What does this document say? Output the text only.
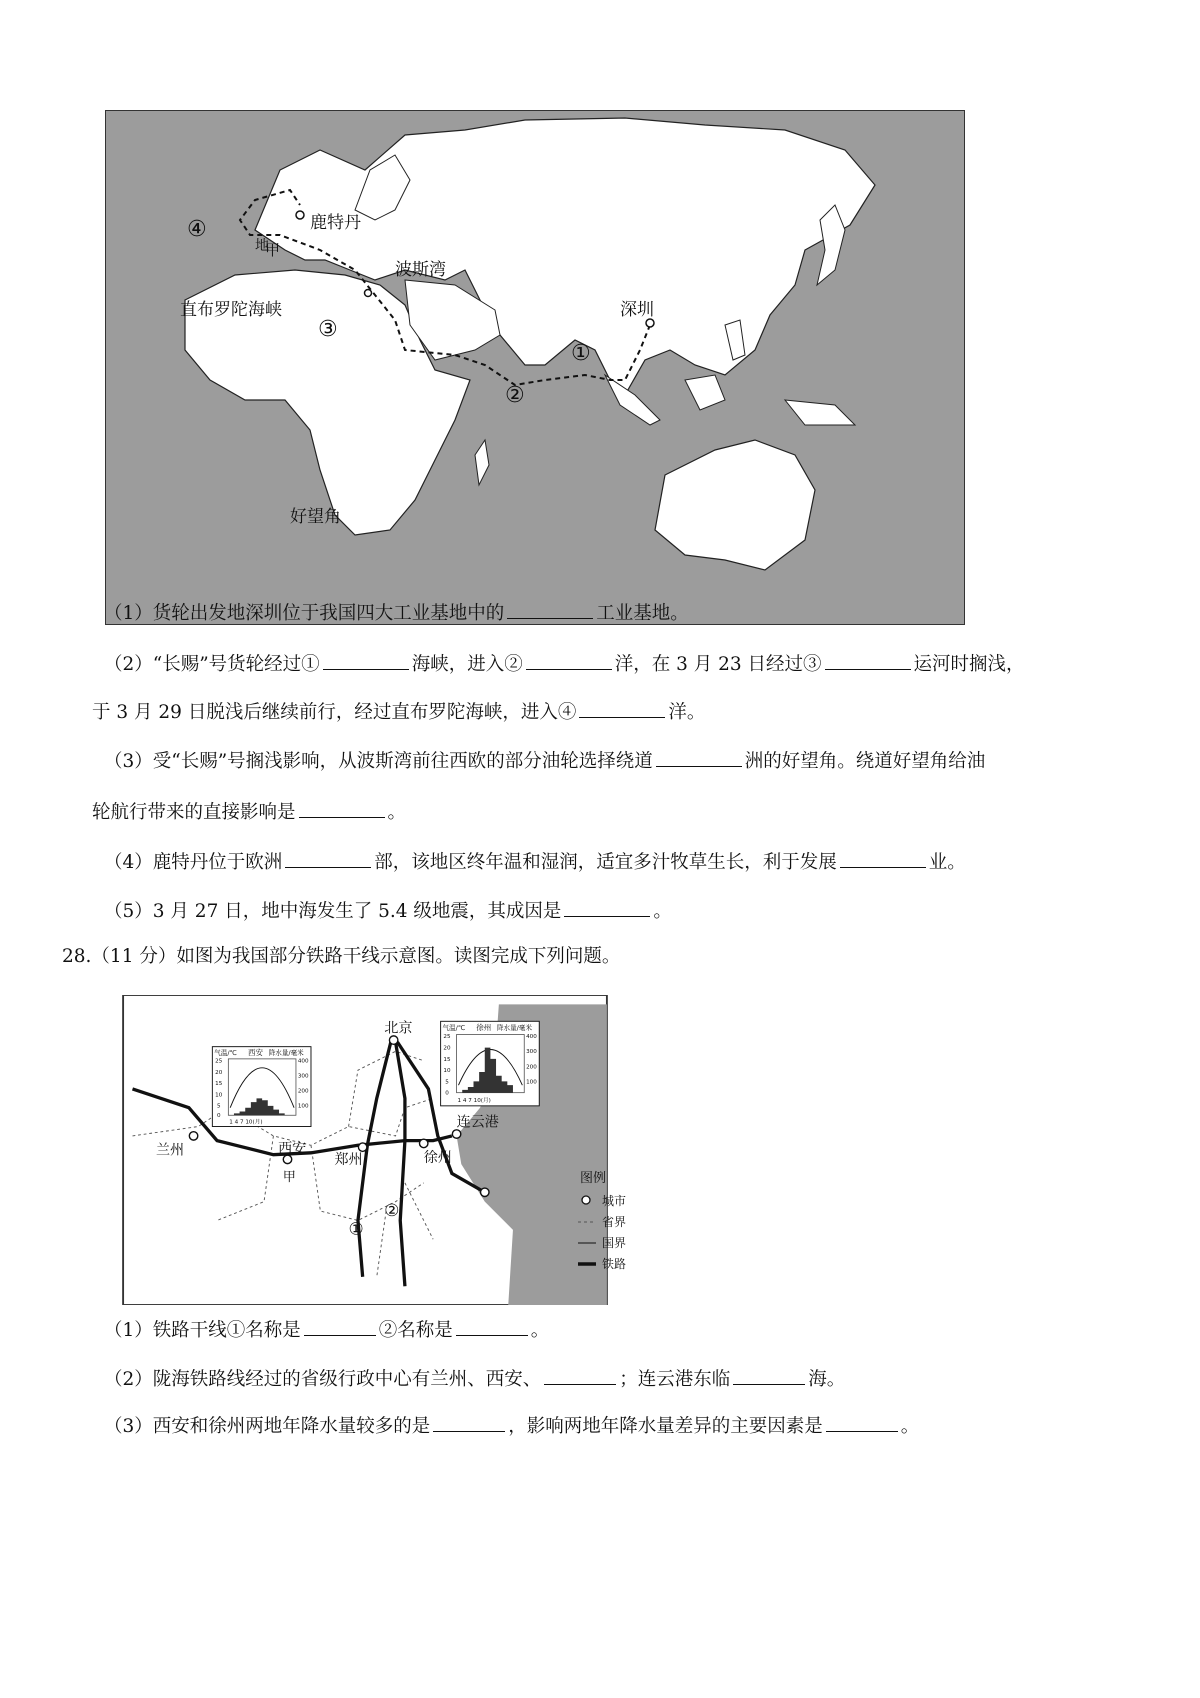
鹿特丹
波斯湾
深圳
直布罗陀海峡
好望角
甲
地
①
②
③
④
（1）货轮出发地深圳位于我国四大工业基地中的	工业基地。
（2）“长赐”号货轮经过①	海峡，进入②	洋，在 3 月 23 日经过③	运河时搁浅，
于 3 月 29 日脱浅后继续前行，经过直布罗陀海峡，进入④	洋。
（3）受“长赐”号搁浅影响，从波斯湾前往西欧的部分油轮选择绕道	洲的好望角。绕道好望角给油
轮航行带来的直接影响是	。
（4）鹿特丹位于欧洲	部，该地区终年温和湿润，适宜多汁牧草生长，利于发展	业。
（5）3 月 27 日，地中海发生了 5.4 级地震，其成因是	。
28.（11 分）如图为我国部分铁路干线示意图。读图完成下列问题。
北京
兰州	西安
郑州	徐州
连云港
甲
①
②
气温/℃ 西安 降水量/毫米
25
20
15
10
5
0
400
300
200
100
1 4 7 10(月)
气温/℃ 徐州 降水量/毫米
25
20
15
10
5
0
400
300
200
100
1 4 7 10(月)
图例
城市
省界
国界
铁路
（1）铁路干线①名称是	②名称是	。
（2）陇海铁路线经过的省级行政中心有兰州、西安、	；连云港东临	海。
（3）西安和徐州两地年降水量较多的是	，影响两地年降水量差异的主要因素是	。
